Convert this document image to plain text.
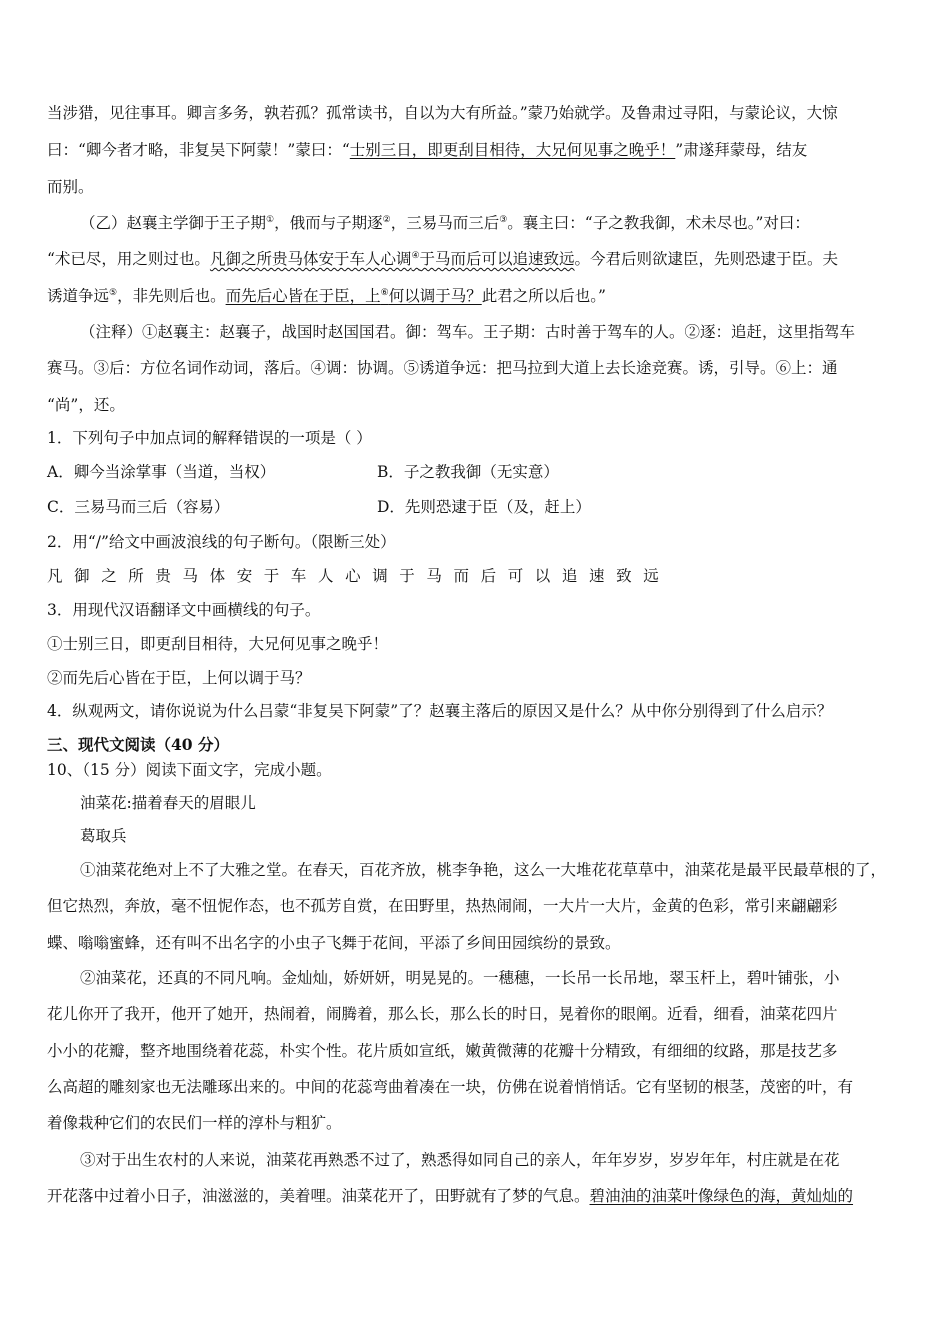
当涉猎，见往事耳。卿言多务，孰若孤？孤常读书，自以为大有所益。”蒙乃始就学。及鲁肃过寻阳，与蒙论议，大惊
曰：“卿今者才略，非复吴下阿蒙！”蒙曰：“士别三日，即更刮目相待，大兄何见事之晚乎！”肃遂拜蒙母，结友
而别。
（乙）赵襄主学御于王子期①，俄而与子期逐②，三易马而三后③。襄主曰：“子之教我御，术未尽也。”对曰：
“术已尽，用之则过也。凡御之所贵马体安于车人心调④于马而后可以追速致远。今君后则欲逮臣，先则恐逮于臣。夫
诱道争远⑤，非先则后也。而先后心皆在于臣，上⑥何以调于马？此君之所以后也。”
（注释）①赵襄主：赵襄子，战国时赵国国君。御：驾车。王子期：古时善于驾车的人。②逐：追赶，这里指驾车
赛马。③后：方位名词作动词，落后。④调：协调。⑤诱道争远：把马拉到大道上去长途竞赛。诱，引导。⑥上：通
“尚”，还。
1．下列句子中加点词的解释错误的一项是（ ）
A．卿今当涂掌事（当道，当权）	B．子之教我御（无实意）
C．三易马而三后（容易）	D．先则恐逮于臣（及，赶上）
2．用“/”给文中画波浪线的句子断句。（限断三处）
凡御之所贵马体安于车人心调于马而后可以追速致远
3．用现代汉语翻译文中画横线的句子。
①士别三日，即更刮目相待，大兄何见事之晚乎！
②而先后心皆在于臣，上何以调于马？
4．纵观两文，请你说说为什么吕蒙“非复吴下阿蒙”了？赵襄主落后的原因又是什么？从中你分别得到了什么启示？
三、现代文阅读（40 分）
10、（15 分）阅读下面文字，完成小题。
油菜花:描着春天的眉眼儿
葛取兵
①油菜花绝对上不了大雅之堂。在春天，百花齐放，桃李争艳，这么一大堆花花草草中，油菜花是最平民最草根的了，
但它热烈，奔放，毫不忸怩作态，也不孤芳自赏，在田野里，热热闹闹，一大片一大片，金黄的色彩，常引来翩翩彩
蝶、嗡嗡蜜蜂，还有叫不出名字的小虫子飞舞于花间，平添了乡间田园缤纷的景致。
②油菜花，还真的不同凡响。金灿灿，娇妍妍，明晃晃的。一穗穗，一长吊一长吊地，翠玉杆上，碧叶铺张，小
花儿你开了我开，他开了她开，热闹着，闹腾着，那么长，那么长的时日，晃着你的眼阐。近看，细看，油菜花四片
小小的花瓣，整齐地围绕着花蕊，朴实个性。花片质如宣纸，嫩黄微薄的花瓣十分精致，有细细的纹路，那是技艺多
么高超的雕刻家也无法雕琢出来的。中间的花蕊弯曲着凑在一块，仿佛在说着悄悄话。它有坚韧的根茎，茂密的叶，有
着像栽种它们的农民们一样的淳朴与粗犷。
③对于出生农村的人来说，油菜花再熟悉不过了，熟悉得如同自己的亲人，年年岁岁，岁岁年年，村庄就是在花
开花落中过着小日子，油滋滋的，美着哩。油菜花开了，田野就有了梦的气息。碧油油的油菜叶像绿色的海，黄灿灿的
